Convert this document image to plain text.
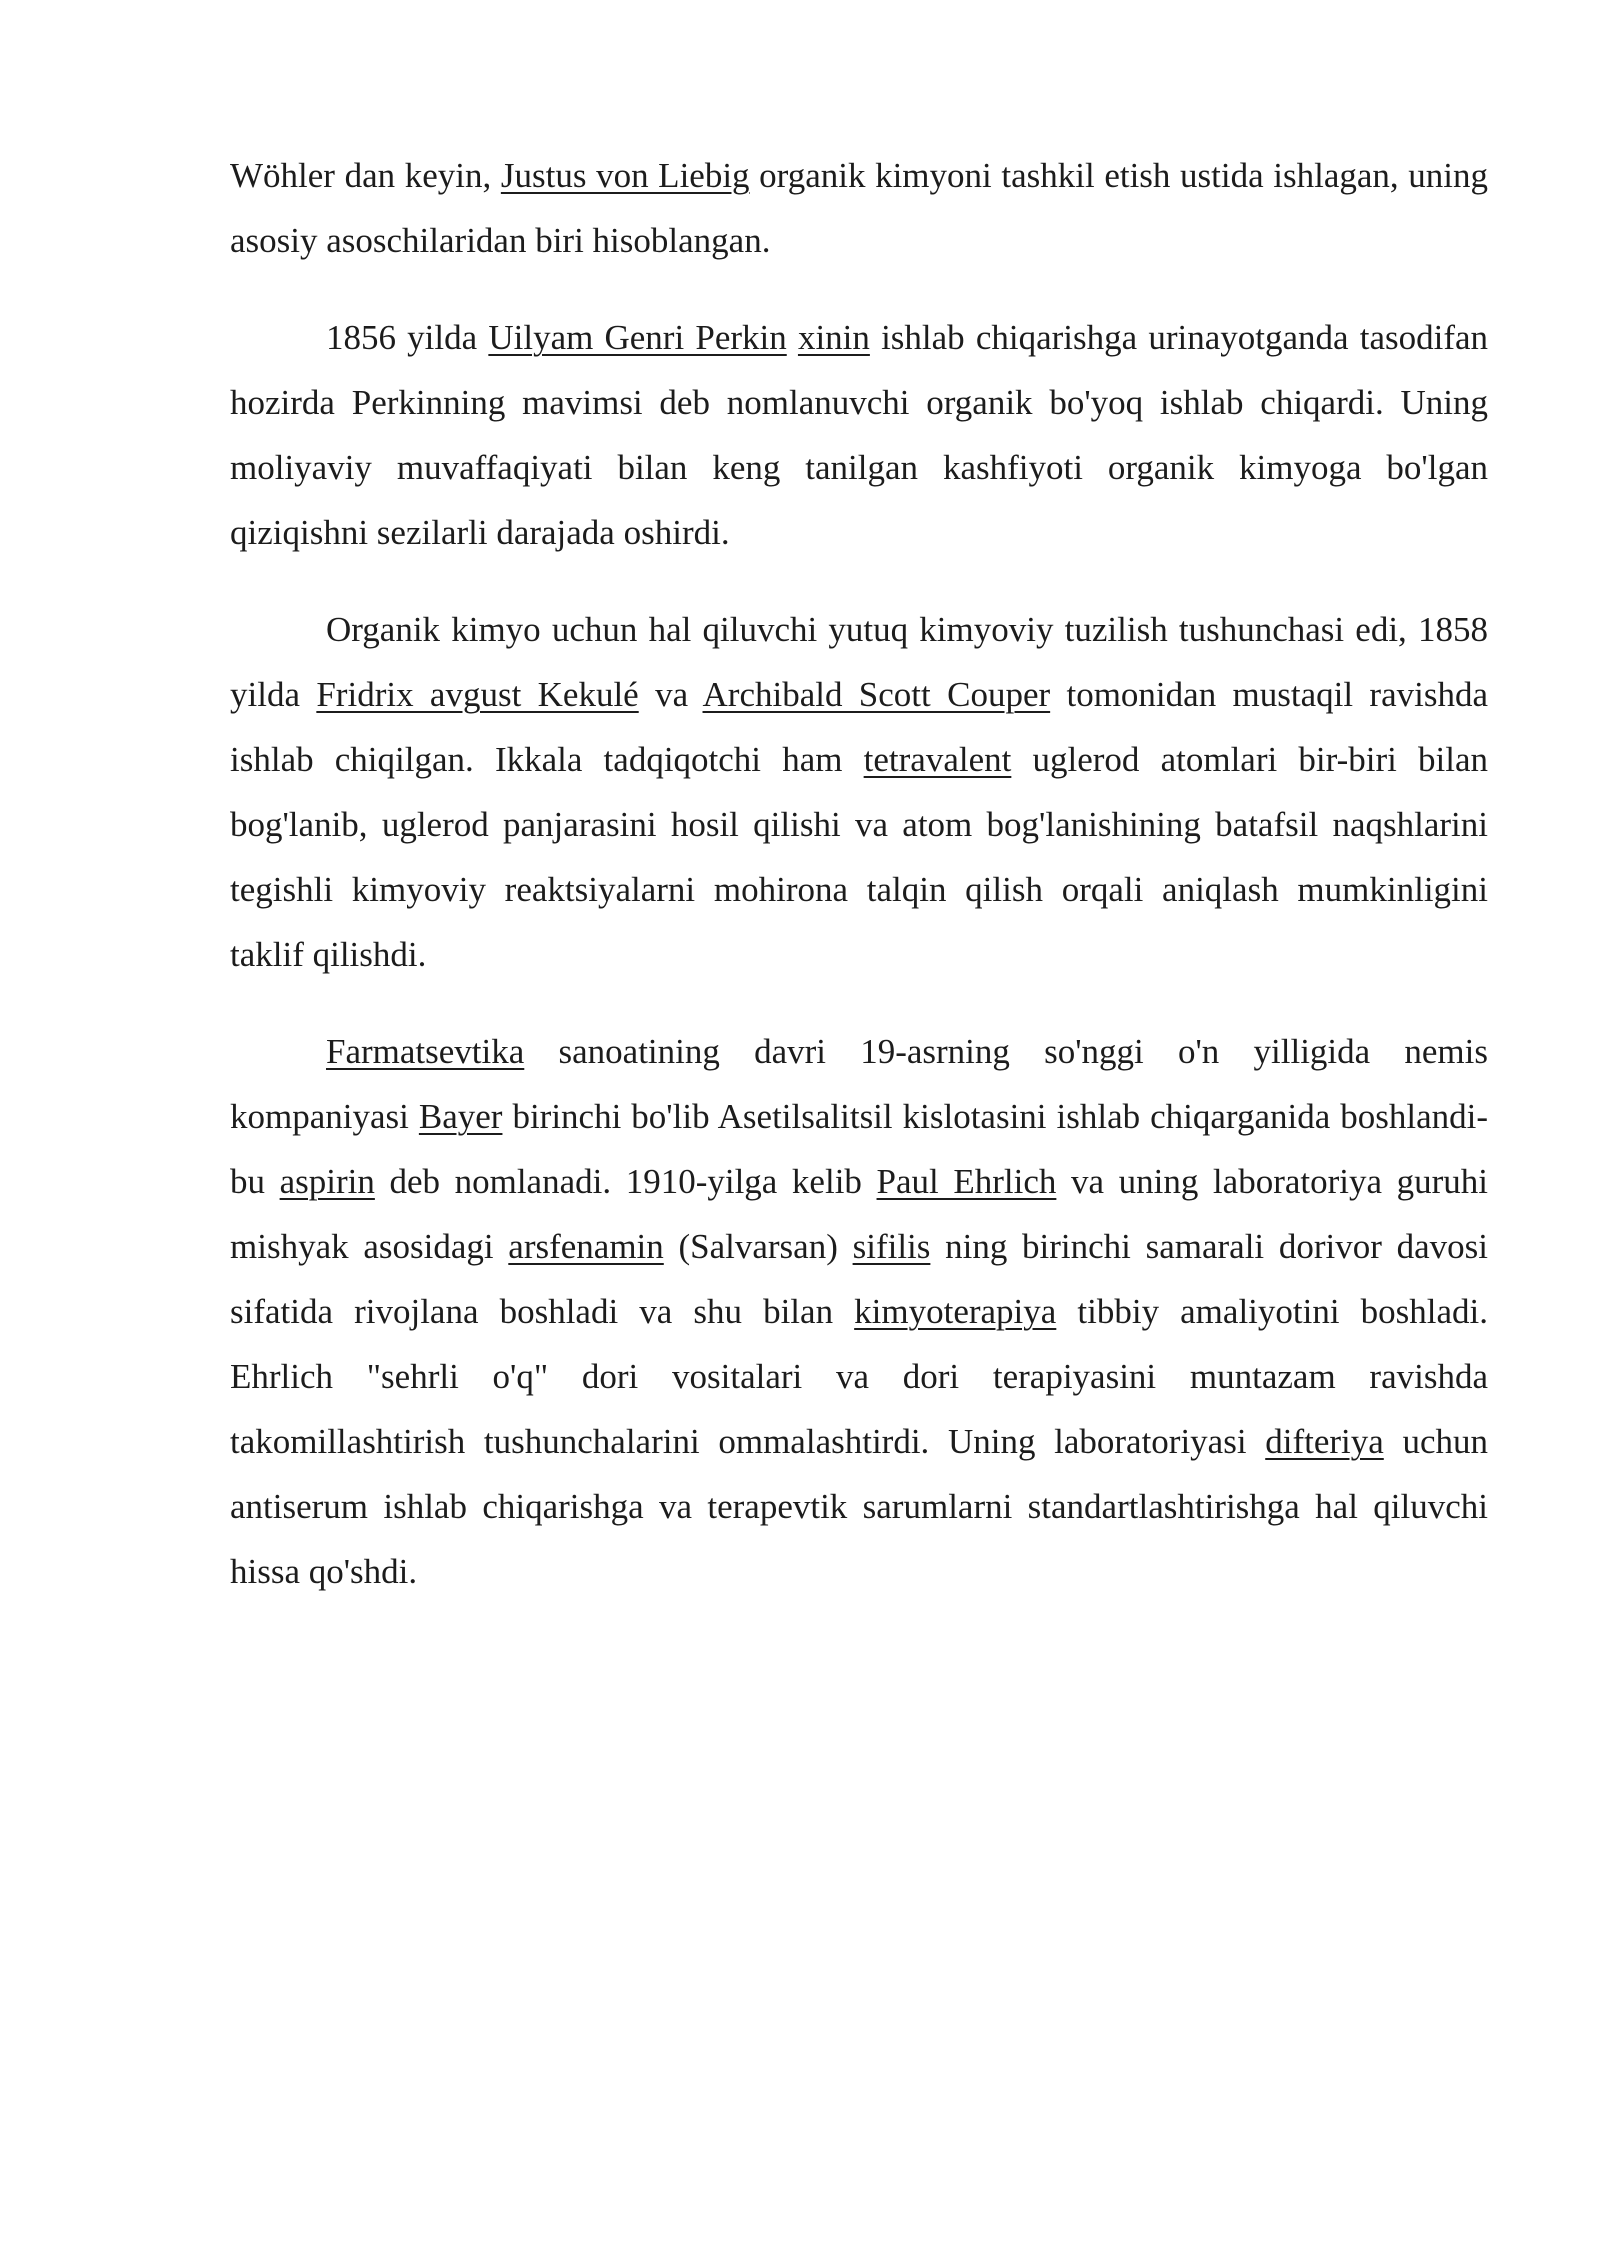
Wöhler dan keyin, Justus von Liebig organik kimyoni tashkil etish ustida ishlagan, uning asosiy asoschilaridan biri hisoblangan.

1856 yilda Uilyam Genri Perkin xinin ishlab chiqarishga urinayotganda tasodifan hozirda Perkinning mavimsi deb nomlanuvchi organik bo'yoq ishlab chiqardi. Uning moliyaviy muvaffaqiyati bilan keng tanilgan kashfiyoti organik kimyoga bo'lgan qiziqishni sezilarli darajada oshirdi.

Organik kimyo uchun hal qiluvchi yutuq kimyoviy tuzilish tushunchasi edi, 1858 yilda Fridrix avgust Kekulé va Archibald Scott Couper tomonidan mustaqil ravishda ishlab chiqilgan. Ikkala tadqiqotchi ham tetravalent uglerod atomlari bir-biri bilan bog'lanib, uglerod panjarasini hosil qilishi va atom bog'lanishining batafsil naqshlarini tegishli kimyoviy reaktsiyalarni mohirona talqin qilish orqali aniqlash mumkinligini taklif qilishdi.

Farmatsevtika sanoatining davri 19-asrning so'nggi o'n yilligida nemis kompaniyasi Bayer birinchi bo'lib Asetilsalitsil kislotasini ishlab chiqarganida boshlandi-bu aspirin deb nomlanadi. 1910-yilga kelib Paul Ehrlich va uning laboratoriya guruhi mishyak asosidagi arsfenamin (Salvarsan) sifilis ning birinchi samarali dorivor davosi sifatida rivojlana boshladi va shu bilan kimyoterapiya tibbiy amaliyotini boshladi. Ehrlich "sehrli o'q" dori vositalari va dori terapiyasini muntazam ravishda takomillashtirish tushunchalarini ommalashtirdi. Uning laboratoriyasi difteriya uchun antiserum ishlab chiqarishga va terapevtik sarumlarni standartlashtirishga hal qiluvchi hissa qo'shdi.
